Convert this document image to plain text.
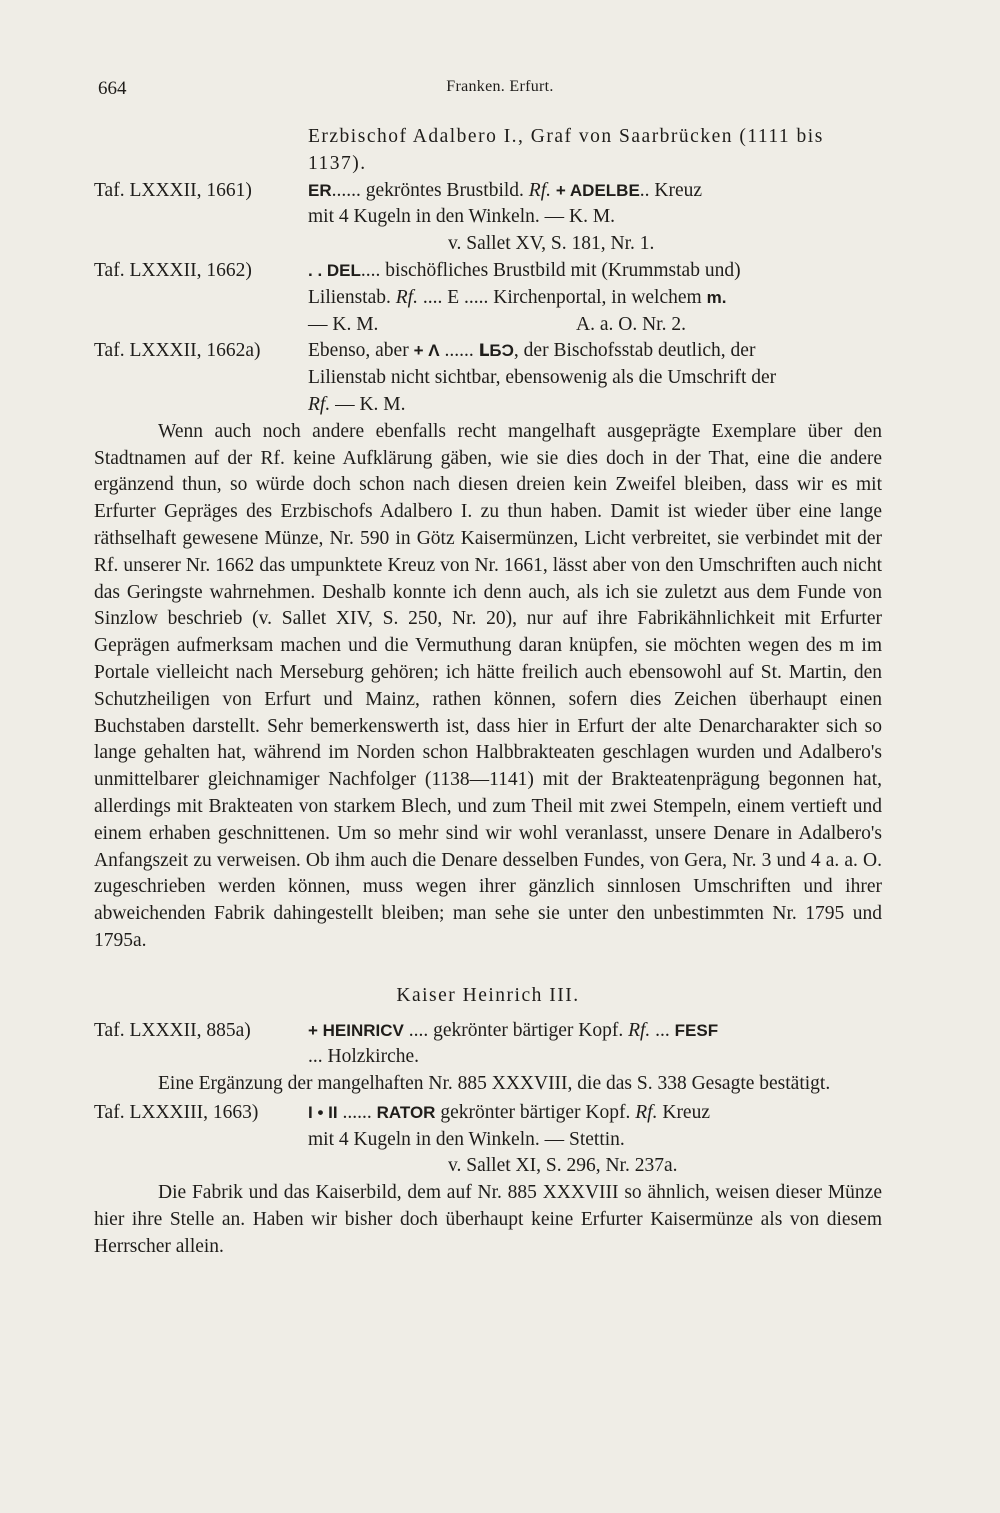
664	Franken. Erfurt.
Erzbischof Adalbero I., Graf von Saarbrücken (1111 bis 1137).
Taf. LXXXII, 1661)	ER...... gekröntes Brustbild. Rf. + ADELBE.. Kreuz
mit 4 Kugeln in den Winkeln. — K. M.
v. Sallet XV, S. 181, Nr. 1.
Taf. LXXXII, 1662)	. . DEL.... bischöfliches Brustbild mit (Krummstab und)
Lilienstab. Rf. .... E ..... Kirchenportal, in welchem m.
— K. M.	A. a. O. Nr. 2.
Taf. LXXXII, 1662a)	Ebenso, aber + Λ ...... ⅬƂƆ, der Bischofsstab deutlich, der
Lilienstab nicht sichtbar, ebensowenig als die Umschrift der
Rf. — K. M.

Wenn auch noch andere ebenfalls recht mangelhaft ausgeprägte Exemplare über den Stadtnamen auf der Rf. keine Aufklärung gäben, wie sie dies doch in der That, eine die andere ergänzend thun, so würde doch schon nach diesen dreien kein Zweifel bleiben, dass wir es mit Erfurter Gepräges des Erzbischofs Adalbero I. zu thun haben. Damit ist wieder über eine lange räthselhaft gewesene Münze, Nr. 590 in Götz Kaisermünzen, Licht verbreitet, sie verbindet mit der Rf. unserer Nr. 1662 das umpunktete Kreuz von Nr. 1661, lässt aber von den Umschriften auch nicht das Geringste wahrnehmen. Deshalb konnte ich denn auch, als ich sie zuletzt aus dem Funde von Sinzlow beschrieb (v. Sallet XIV, S. 250, Nr. 20), nur auf ihre Fabrikähnlichkeit mit Erfurter Geprägen aufmerksam machen und die Vermuthung daran knüpfen, sie möchten wegen des m im Portale vielleicht nach Merseburg gehören; ich hätte freilich auch ebensowohl auf St. Martin, den Schutzheiligen von Erfurt und Mainz, rathen können, sofern dies Zeichen überhaupt einen Buchstaben darstellt. Sehr bemerkenswerth ist, dass hier in Erfurt der alte Denarcharakter sich so lange gehalten hat, während im Norden schon Halbbrakteaten geschlagen wurden und Adalbero's unmittelbarer gleichnamiger Nachfolger (1138—1141) mit der Brakteatenprägung begonnen hat, allerdings mit Brakteaten von starkem Blech, und zum Theil mit zwei Stempeln, einem vertieft und einem erhaben geschnittenen. Um so mehr sind wir wohl veranlasst, unsere Denare in Adalbero's Anfangszeit zu verweisen. Ob ihm auch die Denare desselben Fundes, von Gera, Nr. 3 und 4 a. a. O. zugeschrieben werden können, muss wegen ihrer gänzlich sinnlosen Umschriften und ihrer abweichenden Fabrik dahingestellt bleiben; man sehe sie unter den unbestimmten Nr. 1795 und 1795a.

Kaiser Heinrich III.
Taf. LXXXII, 885a)	+ HEINRICV .... gekrönter bärtiger Kopf. Rf. ... FESF
... Holzkirche.

Eine Ergänzung der mangelhaften Nr. 885 XXXVIII, die das S. 338 Gesagte bestätigt.

Taf. LXXXIII, 1663)	I • II ...... RATOR gekrönter bärtiger Kopf. Rf. Kreuz
mit 4 Kugeln in den Winkeln. — Stettin.
v. Sallet XI, S. 296, Nr. 237a.

Die Fabrik und das Kaiserbild, dem auf Nr. 885 XXXVIII so ähnlich, weisen dieser Münze hier ihre Stelle an. Haben wir bisher doch überhaupt keine Erfurter Kaisermünze als von diesem Herrscher allein.
